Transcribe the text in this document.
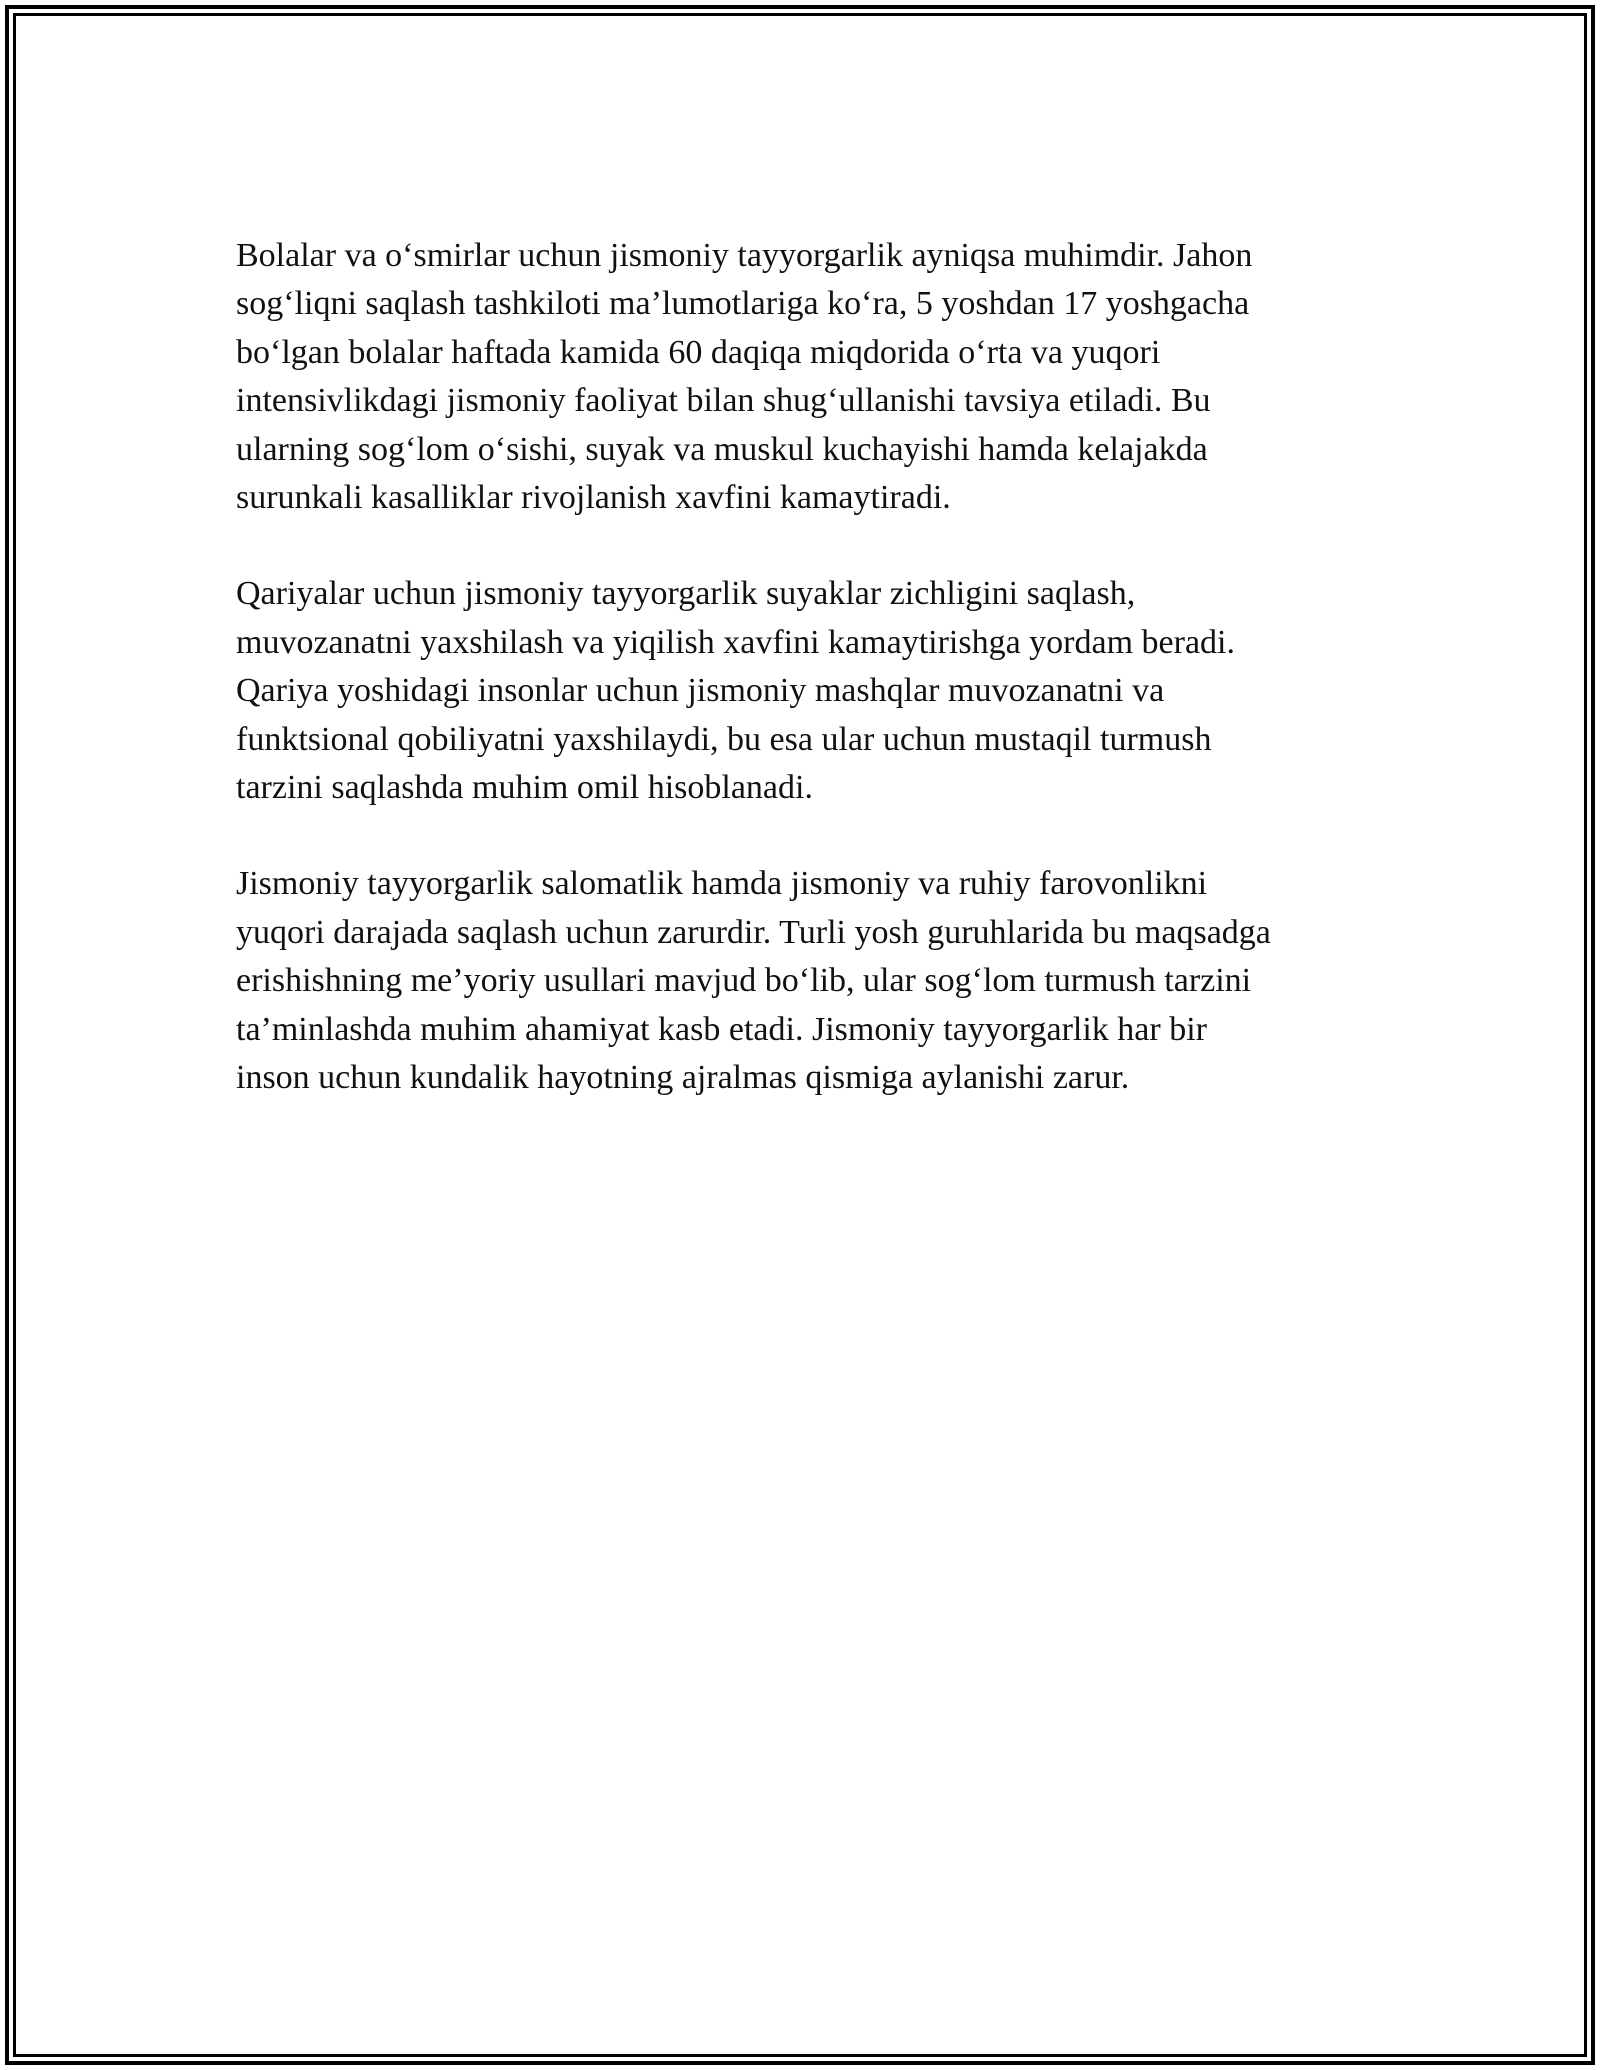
Bolalar va o‘smirlar uchun jismoniy tayyorgarlik ayniqsa muhimdir. Jahon
sog‘liqni saqlash tashkiloti ma’lumotlariga ko‘ra, 5 yoshdan 17 yoshgacha
bo‘lgan bolalar haftada kamida 60 daqiqa miqdorida o‘rta va yuqori
intensivlikdagi jismoniy faoliyat bilan shug‘ullanishi tavsiya etiladi. Bu
ularning sog‘lom o‘sishi, suyak va muskul kuchayishi hamda kelajakda
surunkali kasalliklar rivojlanish xavfini kamaytiradi.

Qariyalar uchun jismoniy tayyorgarlik suyaklar zichligini saqlash,
muvozanatni yaxshilash va yiqilish xavfini kamaytirishga yordam beradi.
Qariya yoshidagi insonlar uchun jismoniy mashqlar muvozanatni va
funktsional qobiliyatni yaxshilaydi, bu esa ular uchun mustaqil turmush
tarzini saqlashda muhim omil hisoblanadi.

Jismoniy tayyorgarlik salomatlik hamda jismoniy va ruhiy farovonlikni
yuqori darajada saqlash uchun zarurdir. Turli yosh guruhlarida bu maqsadga
erishishning me’yoriy usullari mavjud bo‘lib, ular sog‘lom turmush tarzini
ta’minlashda muhim ahamiyat kasb etadi. Jismoniy tayyorgarlik har bir
inson uchun kundalik hayotning ajralmas qismiga aylanishi zarur.
